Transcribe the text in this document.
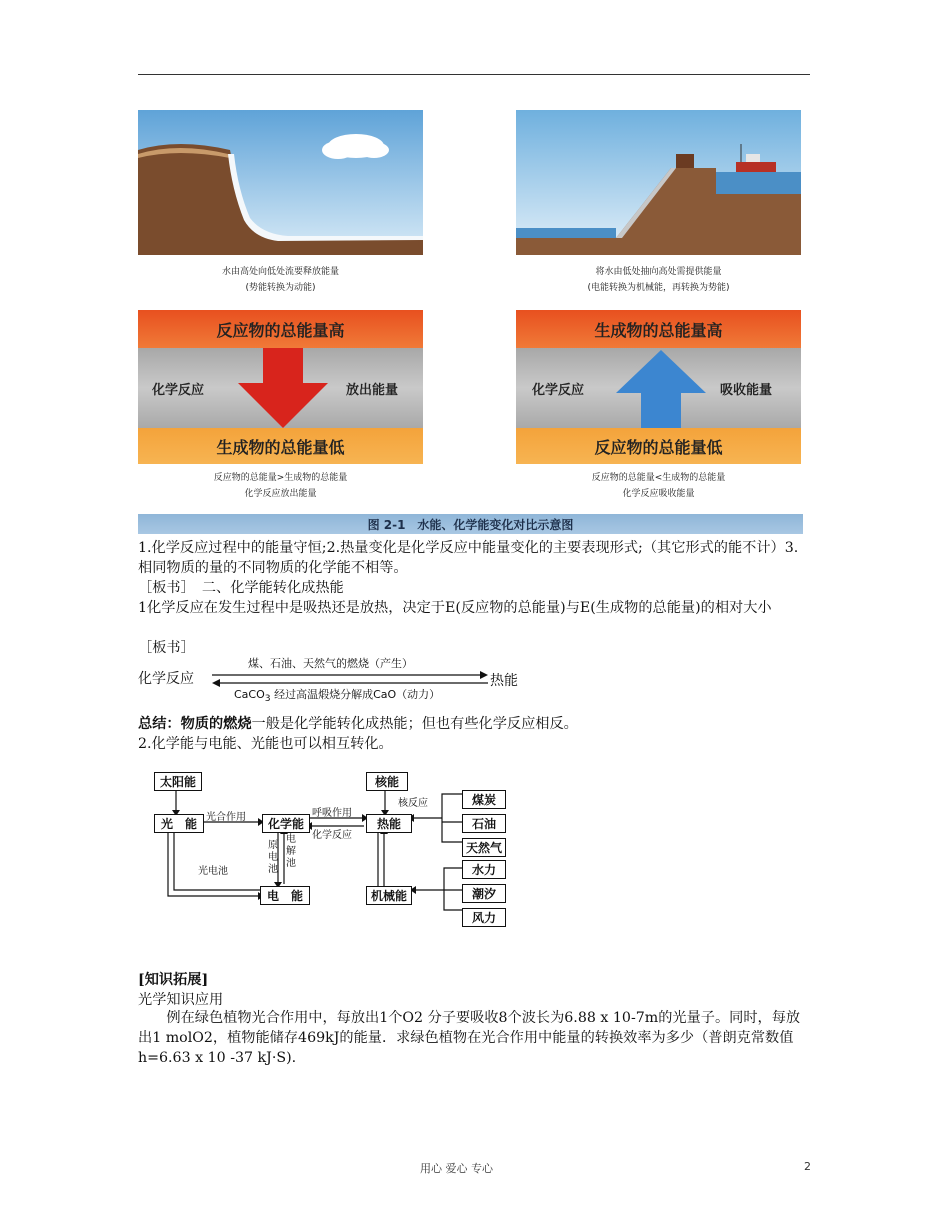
水由高处向低处流要释放能量
(势能转换为动能)
反应物的总能量高
化学反应	放出能量
生成物的总能量低
反应物的总能量>生成物的总能量
化学反应放出能量
将水由低处抽向高处需提供能量
(电能转换为机械能，再转换为势能)
生成物的总能量高
化学反应	吸收能量
反应物的总能量低
反应物的总能量<生成物的总能量
化学反应吸收能量
图 2-1　水能、化学能变化对比示意图
1.化学反应过程中的能量守恒;2.热量变化是化学反应中能量变化的主要表现形式;（其它形式的能不计）3.相同物质的量的不同物质的化学能不相等。
［板书］　二、化学能转化成热能
1化学反应在发生过程中是吸热还是放热，决定于E(反应物的总能量)与E(生成物的总能量)的相对大小
［板书］
化学反应	热能
煤、石油、天然气的燃烧（产生）
CaCO$_3$ 经过高温煅烧分解成CaO（动力）
总结：物质的燃烧一般是化学能转化成热能；但也有些化学反应相反。
2.化学能与电能、光能也可以相互转化。
太阳能
光　能	化学能	热能
电　能	机械能
核能
煤炭
石油
天然气
水力
潮汐
风力
光合作用	呼吸作用
化学反应
核反应
光电池
原电池
电解池
[知识拓展]
光学知识应用
　　例在绿色植物光合作用中，每放出1个O2 分子要吸收8个波长为6.88 x 10-7m的光量子。同时，每放出1 molO2，植物能储存469kJ的能量．求绿色植物在光合作用中能量的转换效率为多少（普朗克常数值h=6.63 x 10 -37 kJ·S).
用心 爱心 专心	2
